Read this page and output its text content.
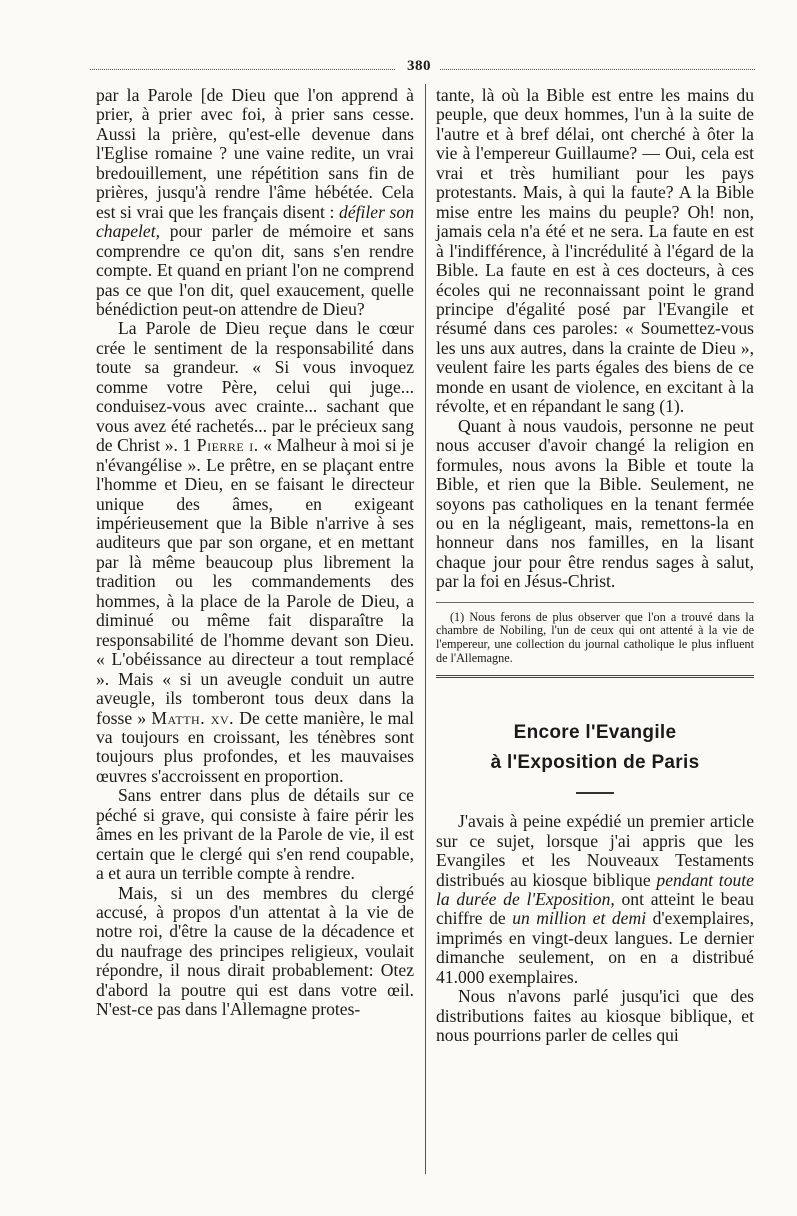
380

par la Parole [de Dieu que l'on apprend à prier, à prier avec foi, à prier sans cesse. Aussi la prière, qu'est-elle devenue dans l'Eglise romaine ? une vaine redite, un vrai bredouillement, une répétition sans fin de prières, jusqu'à rendre l'âme hébétée. Cela est si vrai que les français disent : défiler son chapelet, pour parler de mémoire et sans comprendre ce qu'on dit, sans s'en rendre compte. Et quand en priant l'on ne comprend pas ce que l'on dit, quel exaucement, quelle bénédiction peut-on attendre de Dieu?

La Parole de Dieu reçue dans le cœur crée le sentiment de la responsabilité dans toute sa grandeur. « Si vous invoquez comme votre Père, celui qui juge... conduisez-vous avec crainte... sachant que vous avez été rachetés... par le précieux sang de Christ ». 1 Pierre i. « Malheur à moi si je n'évangélise ». Le prêtre, en se plaçant entre l'homme et Dieu, en se faisant le directeur unique des âmes, en exigeant impérieusement que la Bible n'arrive à ses auditeurs que par son organe, et en mettant par là même beaucoup plus librement la tradition ou les commandements des hommes, à la place de la Parole de Dieu, a diminué ou même fait disparaître la responsabilité de l'homme devant son Dieu. « L'obéissance au directeur a tout remplacé ». Mais « si un aveugle conduit un autre aveugle, ils tomberont tous deux dans la fosse » Matth. xv. De cette manière, le mal va toujours en croissant, les ténèbres sont toujours plus profondes, et les mauvaises œuvres s'accroissent en proportion.

Sans entrer dans plus de détails sur ce péché si grave, qui consiste à faire périr les âmes en les privant de la Parole de vie, il est certain que le clergé qui s'en rend coupable, a et aura un terrible compte à rendre.

Mais, si un des membres du clergé accusé, à propos d'un attentat à la vie de notre roi, d'être la cause de la décadence et du naufrage des principes religieux, voulait répondre, il nous dirait probablement: Otez d'abord la poutre qui est dans votre œil. N'est-ce pas dans l'Allemagne protes-

tante, là où la Bible est entre les mains du peuple, que deux hommes, l'un à la suite de l'autre et à bref délai, ont cherché à ôter la vie à l'empereur Guillaume? — Oui, cela est vrai et très humiliant pour les pays protestants. Mais, à qui la faute? A la Bible mise entre les mains du peuple? Oh! non, jamais cela n'a été et ne sera. La faute en est à l'indifférence, à l'incrédulité à l'égard de la Bible. La faute en est à ces docteurs, à ces écoles qui ne reconnaissant point le grand principe d'égalité posé par l'Evangile et résumé dans ces paroles: « Soumettez-vous les uns aux autres, dans la crainte de Dieu », veulent faire les parts égales des biens de ce monde en usant de violence, en excitant à la révolte, et en répandant le sang (1).

Quant à nous vaudois, personne ne peut nous accuser d'avoir changé la religion en formules, nous avons la Bible et toute la Bible, et rien que la Bible. Seulement, ne soyons pas catholiques en la tenant fermée ou en la négligeant, mais, remettons-la en honneur dans nos familles, en la lisant chaque jour pour être rendus sages à salut, par la foi en Jésus-Christ.

(1) Nous ferons de plus observer que l'on a trouvé dans la chambre de Nobiling, l'un de ceux qui ont attenté à la vie de l'empereur, une collection du journal catholique le plus influent de l'Allemagne.
Encore l'Evangile
à l'Exposition de Paris

J'avais à peine expédié un premier article sur ce sujet, lorsque j'ai appris que les Evangiles et les Nouveaux Testaments distribués au kiosque biblique pendant toute la durée de l'Exposition, ont atteint le beau chiffre de un million et demi d'exemplaires, imprimés en vingt-deux langues. Le dernier dimanche seulement, on en a distribué 41.000 exemplaires.

Nous n'avons parlé jusqu'ici que des distributions faites au kiosque biblique, et nous pourrions parler de celles qui
